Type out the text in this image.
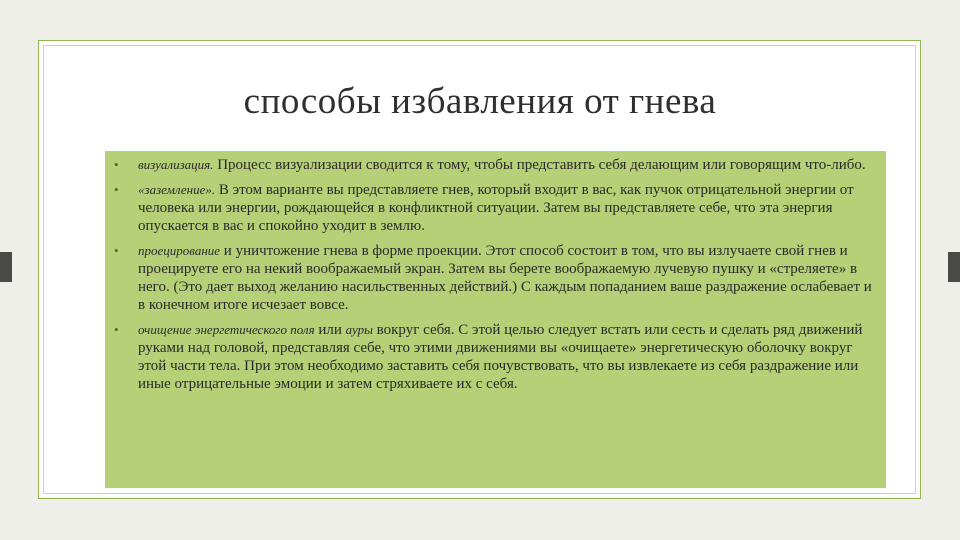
способы избавления от гнева
• визуализация. Процесс визуализации сводится к тому, чтобы представить себя делающим или говорящим что-либо.
• «заземление». В этом варианте вы представляете гнев, который входит в вас, как пучок отрицательной энергии от человека или энергии, рождающейся в конфликтной ситуации. Затем вы представляете себе, что эта энергия опускается в вас и спокойно уходит в землю.
• проецирование и уничтожение гнева в форме проекции. Этот способ состоит в том, что вы излучаете свой гнев и проецируете его на некий воображаемый экран. Затем вы берете воображаемую лучевую пушку и «стреляете» в него. (Это дает выход желанию насильственных действий.) С каждым попаданием ваше раздражение ослабевает и в конечном итоге исчезает вовсе.
• очищение энергетического поля или ауры вокруг себя. С этой целью следует встать или сесть и сделать ряд движений руками над головой, представляя себе, что этими движениями вы «очищаете» энергетическую оболочку вокруг этой части тела. При этом необходимо заставить себя почувствовать, что вы извлекаете из себя раздражение или иные отрицательные эмоции и затем стряхиваете их с себя.
